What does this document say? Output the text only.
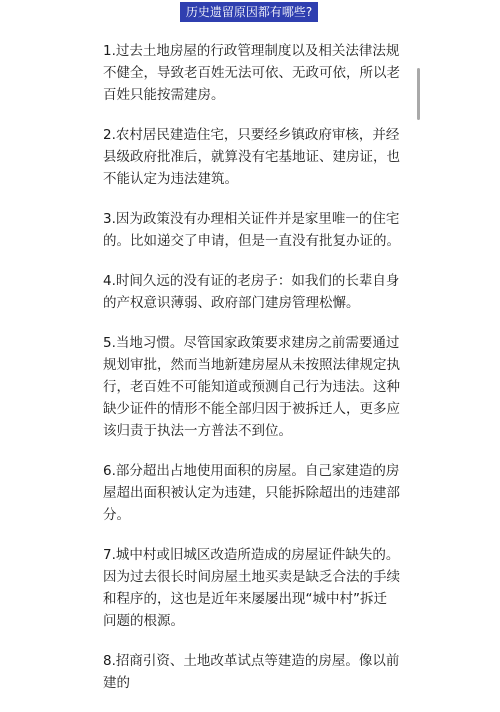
历史遗留原因都有哪些?

1.过去土地房屋的行政管理制度以及相关法律法规不健全，导致老百姓无法可依、无政可依，所以老百姓只能按需建房。

2.农村居民建造住宅，只要经乡镇政府审核，并经县级政府批准后，就算没有宅基地证、建房证，也不能认定为违法建筑。

3.因为政策没有办理相关证件并是家里唯一的住宅的。比如递交了申请，但是一直没有批复办证的。

4.时间久远的没有证的老房子：如我们的长辈自身的产权意识薄弱、政府部门建房管理松懈。

5.当地习惯。尽管国家政策要求建房之前需要通过规划审批，然而当地新建房屋从未按照法律规定执行，老百姓不可能知道或预测自己行为违法。这种缺少证件的情形不能全部归因于被拆迁人，更多应该归责于执法一方普法不到位。

6.部分超出占地使用面积的房屋。自己家建造的房屋超出面积被认定为违建，只能拆除超出的违建部分。

7.城中村或旧城区改造所造成的房屋证件缺失的。因为过去很长时间房屋土地买卖是缺乏合法的手续和程序的，这也是近年来屡屡出现“城中村”拆迁问题的根源。

8.招商引资、土地改革试点等建造的房屋。像以前建的
